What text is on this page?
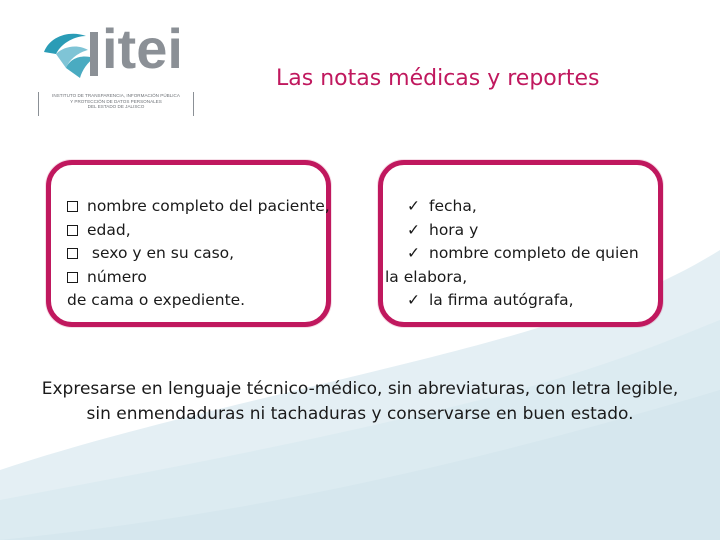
itei
INSTITUTO DE TRANSPARENCIA, INFORMACIÓN PÚBLICA
Y PROTECCIÓN DE DATOS PERSONALES
DEL ESTADO DE JALISCO
Las notas médicas y reportes
nombre completo del paciente,
edad,
sexo y en su caso,
número
de cama o expediente.
✓ fecha,
✓ hora y
✓ nombre completo de quien
la elabora,
✓ la firma autógrafa,
Expresarse en lenguaje técnico-médico, sin abreviaturas, con letra legible,
sin enmendaduras ni tachaduras y conservarse en buen estado.
